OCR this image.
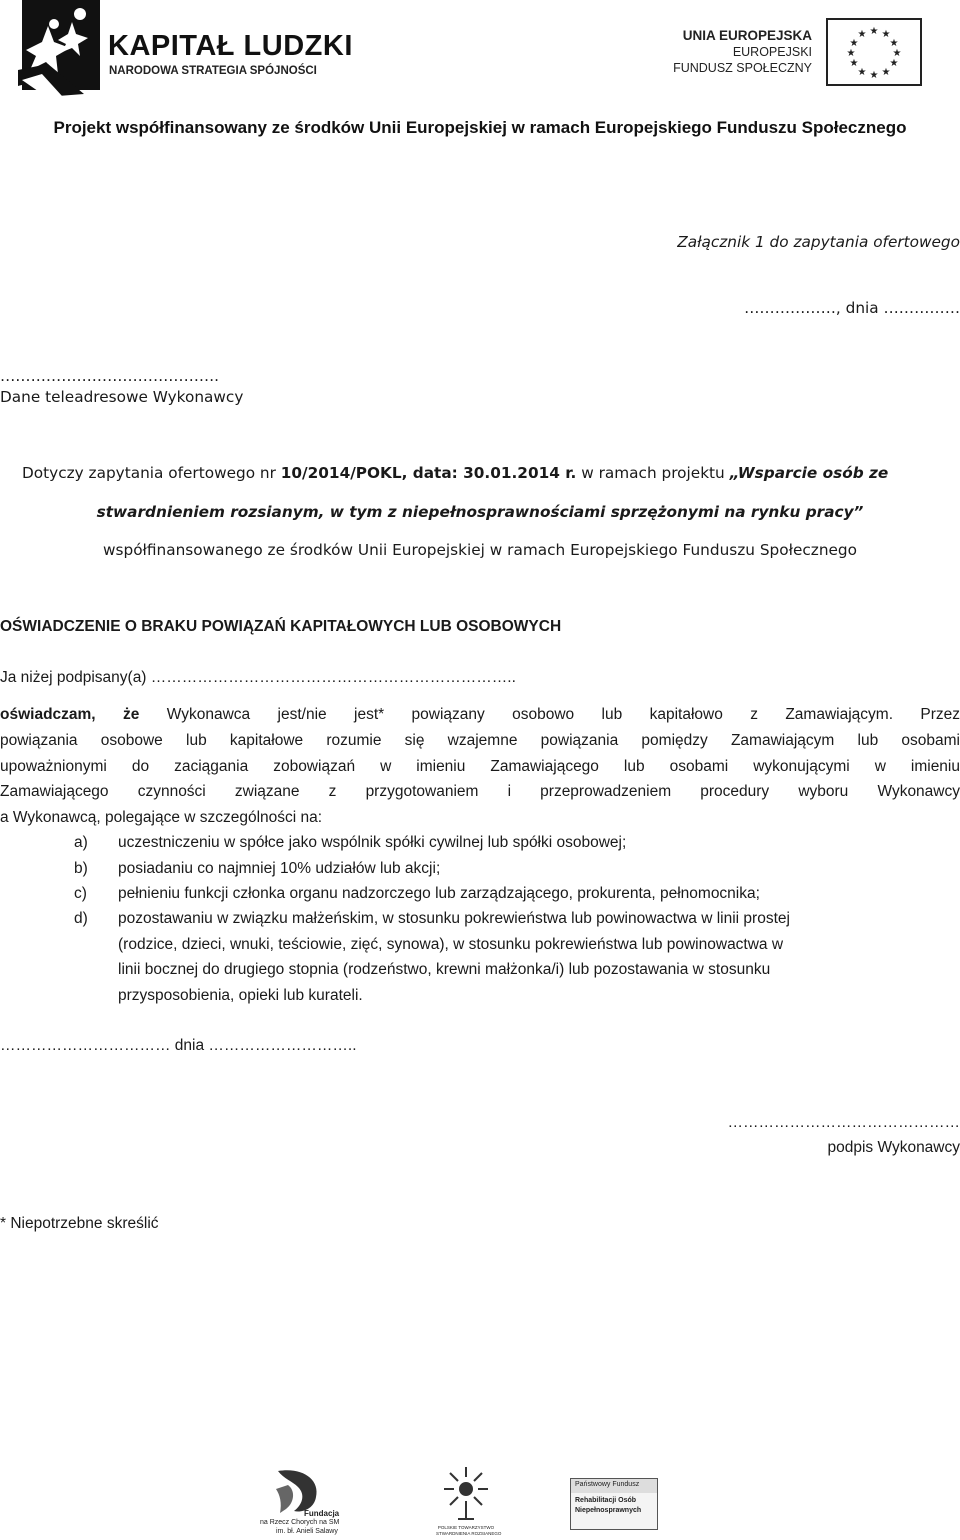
KAPITAŁ LUDZKI
NARODOWA STRATEGIA SPÓJNOŚCI
UNIA EUROPEJSKA
EUROPEJSKI
FUNDUSZ SPOŁECZNY
★ ★
★
★
★
★
★
★
★
★
★
★
Projekt współfinansowany ze środków Unii Europejskiej w ramach Europejskiego Funduszu Społecznego
Załącznik 1 do zapytania ofertowego
………………, dnia ……………
…………………………………….
Dane teleadresowe Wykonawcy
Dotyczy zapytania ofertowego nr 10/2014/POKL, data: 30.01.2014 r. w ramach projektu „Wsparcie osób ze
stwardnieniem rozsianym, w tym z niepełnosprawnościami sprzężonymi na rynku pracy”
współfinansowanego ze środków Unii Europejskiej w ramach Europejskiego Funduszu Społecznego
OŚWIADCZENIE O BRAKU POWIĄZAŃ KAPITAŁOWYCH LUB OSOBOWYCH
Ja niżej podpisany(a) ……………………………………………………………..
oświadczam, że Wykonawca jest/nie jest* powiązany osobowo lub kapitałowo z Zamawiającym. Przez
powiązania osobowe lub kapitałowe rozumie się wzajemne powiązania pomiędzy Zamawiającym lub osobami
upoważnionymi do zaciągania zobowiązań w imieniu Zamawiającego lub osobami wykonującymi w imieniu
Zamawiającego czynności związane z przygotowaniem i przeprowadzeniem procedury wyboru Wykonawcy
a Wykonawcą, polegające w szczególności na:
a) uczestniczeniu w spółce jako wspólnik spółki cywilnej lub spółki osobowej;
b) posiadaniu co najmniej 10% udziałów lub akcji;
c) pełnieniu funkcji członka organu nadzorczego lub zarządzającego, prokurenta, pełnomocnika;
d) pozostawaniu w związku małżeńskim, w stosunku pokrewieństwa lub powinowactwa w linii prostej
(rodzice, dzieci, wnuki, teściowie, zięć, synowa), w stosunku pokrewieństwa lub powinowactwa w
linii bocznej do drugiego stopnia (rodzeństwo, krewni małżonka/i) lub pozostawania w stosunku
przysposobienia, opieki lub kurateli.
…………………………… dnia ………………………..
………………………………………
podpis Wykonawcy
* Niepotrzebne skreślić
Fundacja
na Rzecz Chorych na SM
im. bł. Anieli Salawy
POLSKIE TOWARZYSTWO
STWARDNIENIA ROZSIANEGO
Państwowy Fundusz
Rehabilitacji Osób
Niepełnosprawnych
